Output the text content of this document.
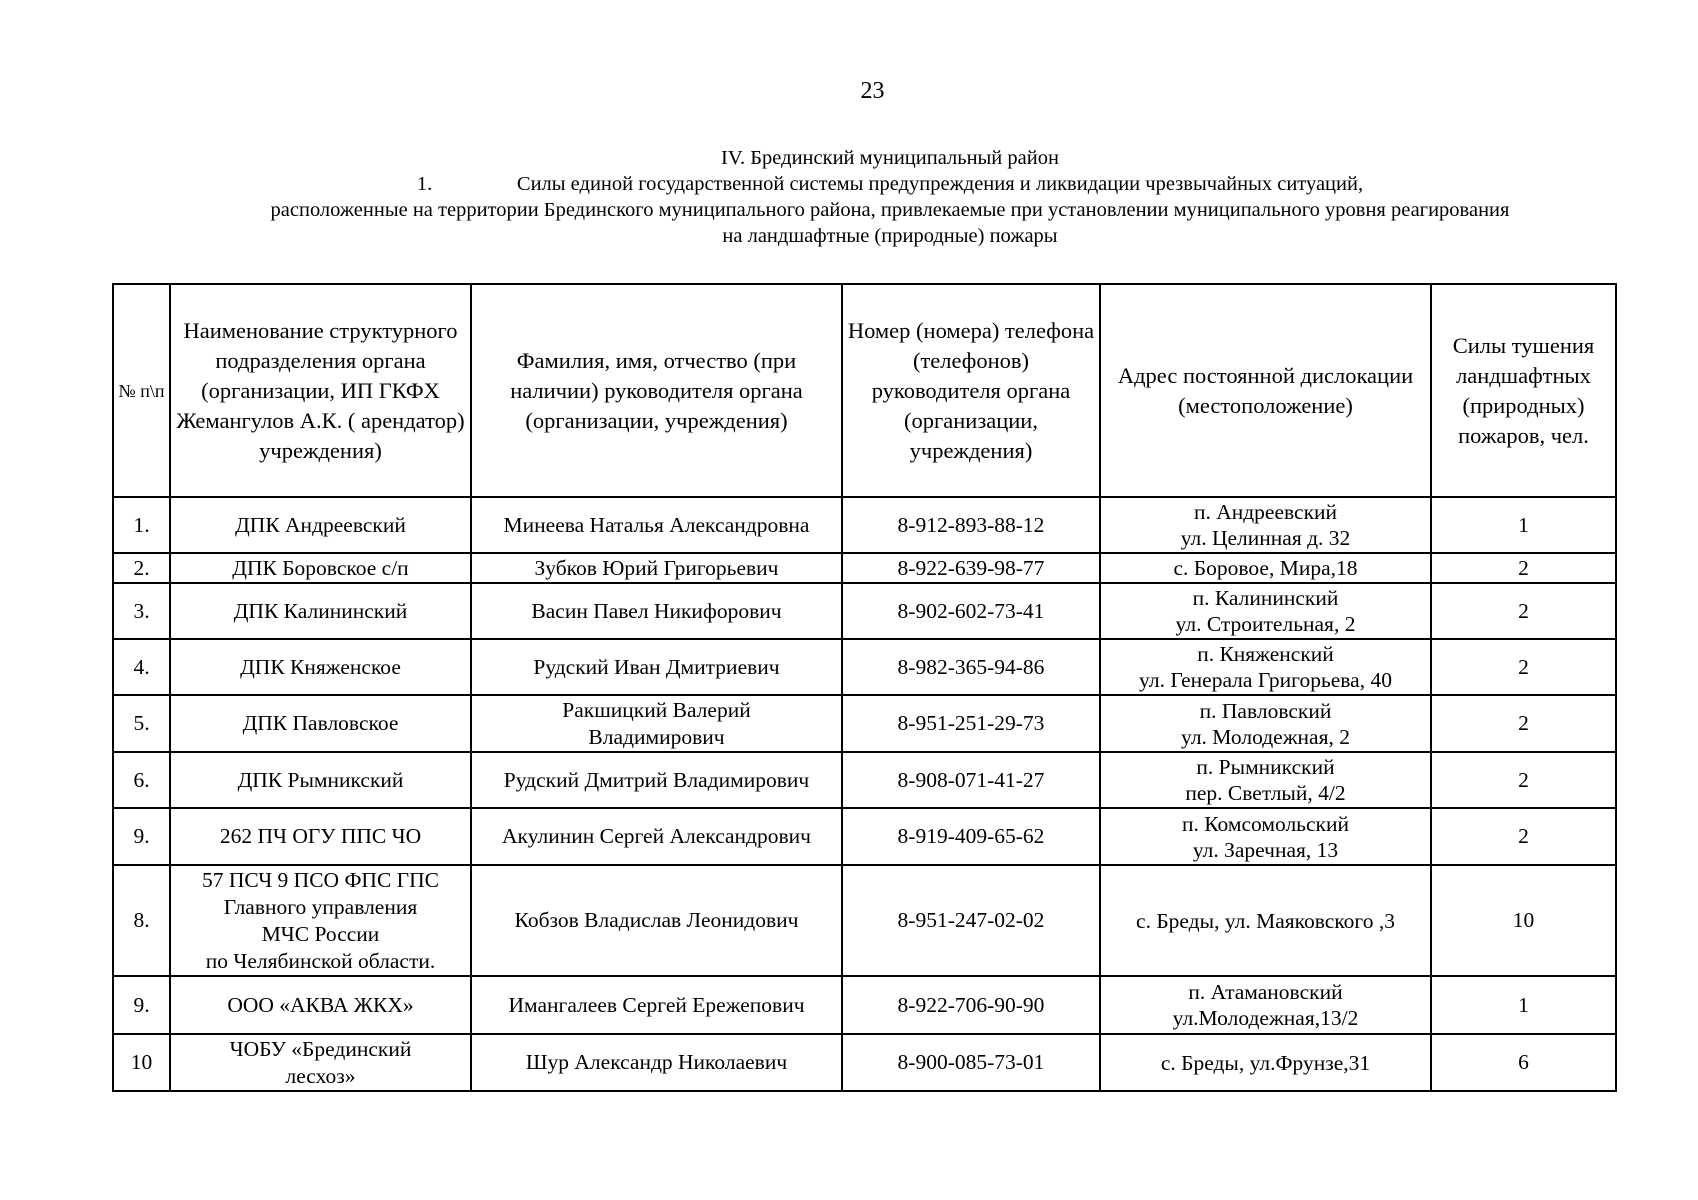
23
IV. Брединский муниципальный район
1.	Силы единой государственной системы предупреждения и ликвидации чрезвычайных ситуаций,
расположенные на территории Брединского муниципального района, привлекаемые при установлении муниципального уровня реагирования
на ландшафтные (природные) пожары
№ п\п	Наименование структурного подразделения органа (организации, ИП ГКФХ Жемангулов А.К. ( арендатор) учреждения)	Фамилия, имя, отчество (при наличии) руководителя органа (организации, учреждения)	Номер (номера) телефона (телефонов) руководителя органа (организации, учреждения)	Адрес постоянной дислокации (местоположение)	Силы тушения ландшафтных (природных) пожаров, чел.
1.	ДПК Андреевский	Минеева Наталья Александровна	8-912-893-88-12	п. Андреевский
ул. Целинная д. 32	1
2.	ДПК Боровское с/п	Зубков Юрий Григорьевич	8-922-639-98-77	с. Боровое, Мира,18	2
3.	ДПК Калининский	Васин Павел Никифорович	8-902-602-73-41	п. Калининский
ул. Строительная, 2	2
4.	ДПК Княженское	Рудский Иван Дмитриевич	8-982-365-94-86	п. Княженский
ул. Генерала Григорьева, 40	2
5.	ДПК Павловское	Ракшицкий Валерий
Владимирович	8-951-251-29-73	п. Павловский
ул. Молодежная, 2	2
6.	ДПК Рымникский	Рудский Дмитрий Владимирович	8-908-071-41-27	п. Рымникский
пер. Светлый, 4/2	2
9.	262 ПЧ ОГУ ППС ЧО	Акулинин Сергей Александрович	8-919-409-65-62	п. Комсомольский
ул. Заречная, 13	2
8.	57 ПСЧ 9 ПСО ФПС ГПС
Главного управления
МЧС России
по Челябинской области.	Кобзов Владислав Леонидович	8-951-247-02-02	с. Бреды, ул. Маяковского ,3	10
9.	ООО «АКВА ЖКХ»	Имангалеев Сергей Ережепович	8-922-706-90-90	п. Атамановский
ул.Молодежная,13/2	1
10	ЧОБУ «Брединский
лесхоз»	Шур Александр Николаевич	8-900-085-73-01	с. Бреды, ул.Фрунзе,31	6
